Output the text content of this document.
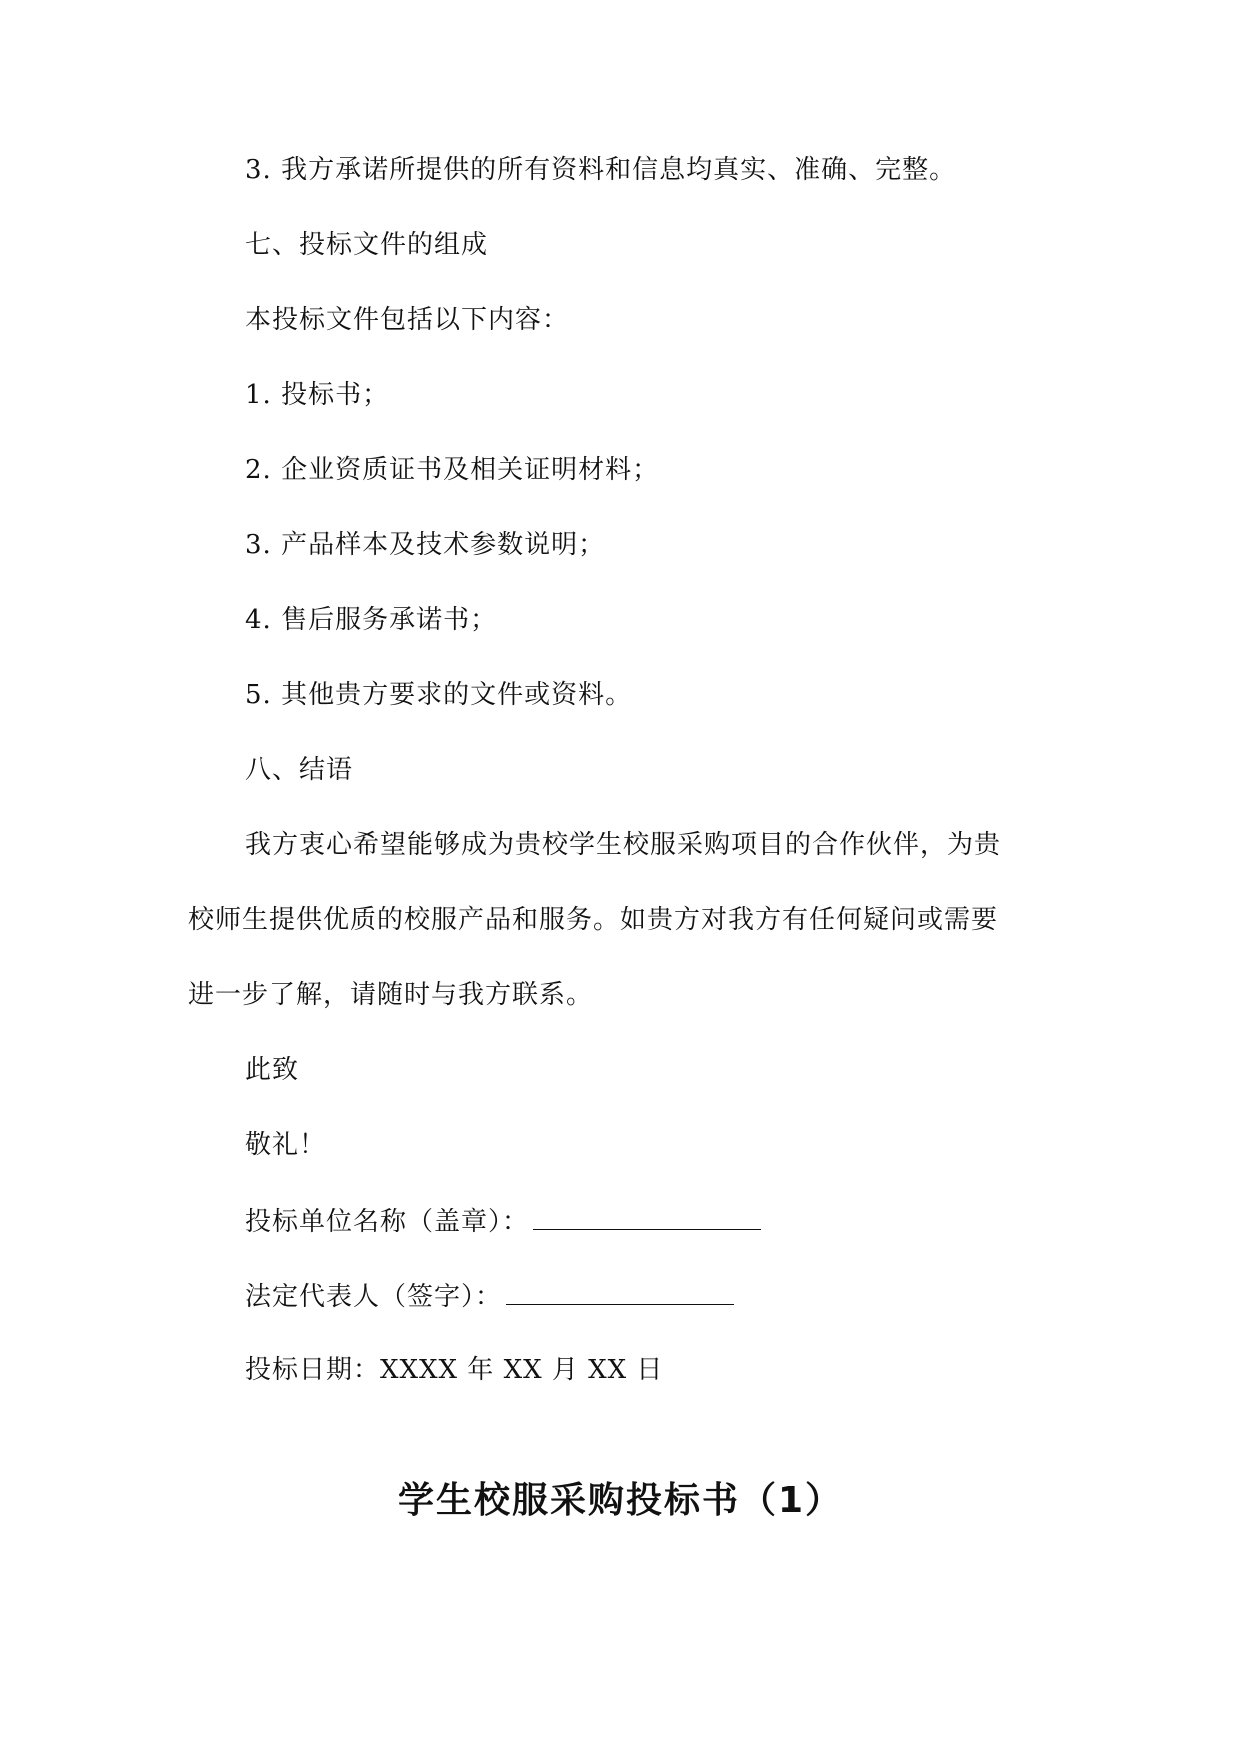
3. 我方承诺所提供的所有资料和信息均真实、准确、完整。
七、投标文件的组成
本投标文件包括以下内容：
1. 投标书；
2. 企业资质证书及相关证明材料；
3. 产品样本及技术参数说明；
4. 售后服务承诺书；
5. 其他贵方要求的文件或资料。
八、结语
我方衷心希望能够成为贵校学生校服采购项目的合作伙伴，为贵
校师生提供优质的校服产品和服务。如贵方对我方有任何疑问或需要
进一步了解，请随时与我方联系。
此致
敬礼！
投标单位名称（盖章）：
法定代表人（签字）：
投标日期：XXXX 年 XX 月 XX 日
学生校服采购投标书（1）
